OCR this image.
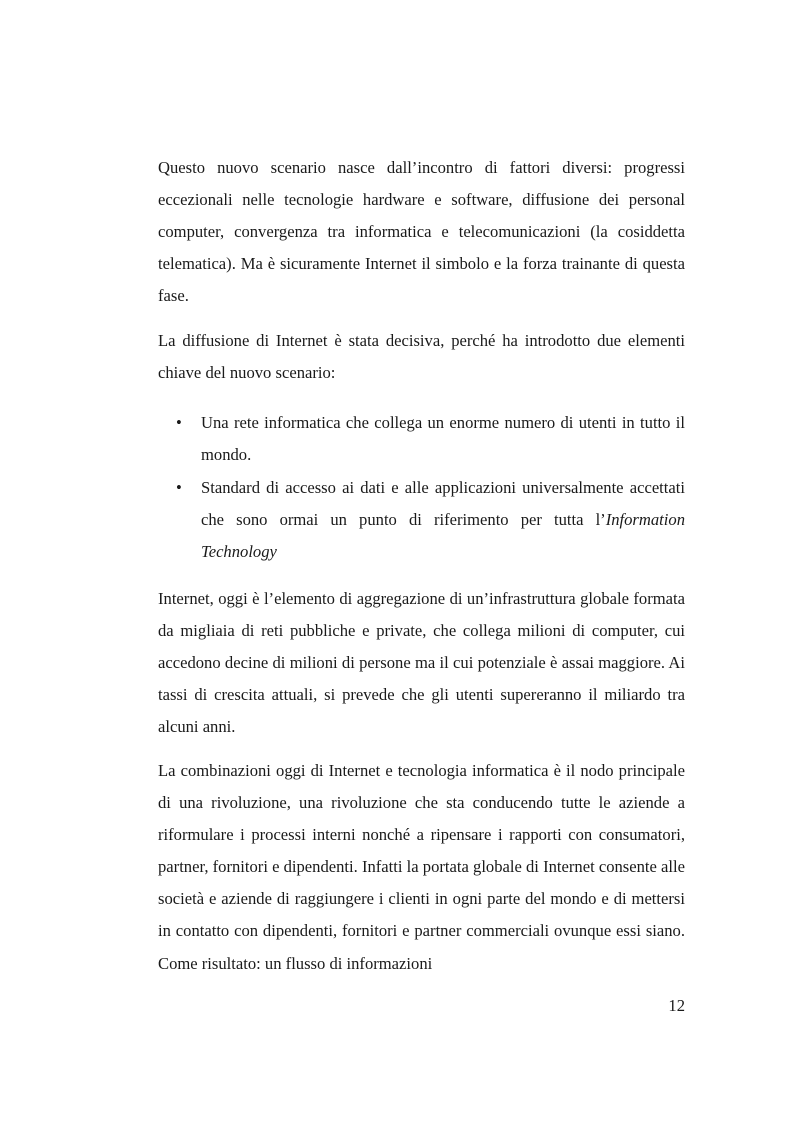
Questo nuovo scenario nasce dall’incontro di fattori diversi: progressi eccezionali nelle tecnologie hardware e software, diffusione dei personal computer, convergenza tra informatica e telecomunicazioni (la cosiddetta telematica). Ma è sicuramente Internet il simbolo e la forza trainante di questa fase.

La diffusione di Internet è stata decisiva, perché ha introdotto due elementi chiave del nuovo scenario:

• Una rete informatica che collega un enorme numero di utenti in tutto il mondo.
• Standard di accesso ai dati e alle applicazioni universalmente accettati che sono ormai un punto di riferimento per tutta l’Information Technology

Internet, oggi è l’elemento di aggregazione di un’infrastruttura globale formata da migliaia di reti pubbliche e private, che collega milioni di computer, cui accedono decine di milioni di persone ma il cui potenziale è assai maggiore. Ai tassi di crescita attuali, si prevede che gli utenti supereranno il miliardo tra alcuni anni.

La combinazioni oggi di Internet e tecnologia informatica è il nodo principale di una rivoluzione, una rivoluzione che sta conducendo tutte le aziende a riformulare i processi interni nonché a ripensare i rapporti con consumatori, partner, fornitori e dipendenti. Infatti la portata globale di Internet consente alle società e aziende di raggiungere i clienti in ogni parte del mondo e di mettersi in contatto con dipendenti, fornitori e partner commerciali ovunque essi siano. Come risultato: un flusso di informazioni

12
